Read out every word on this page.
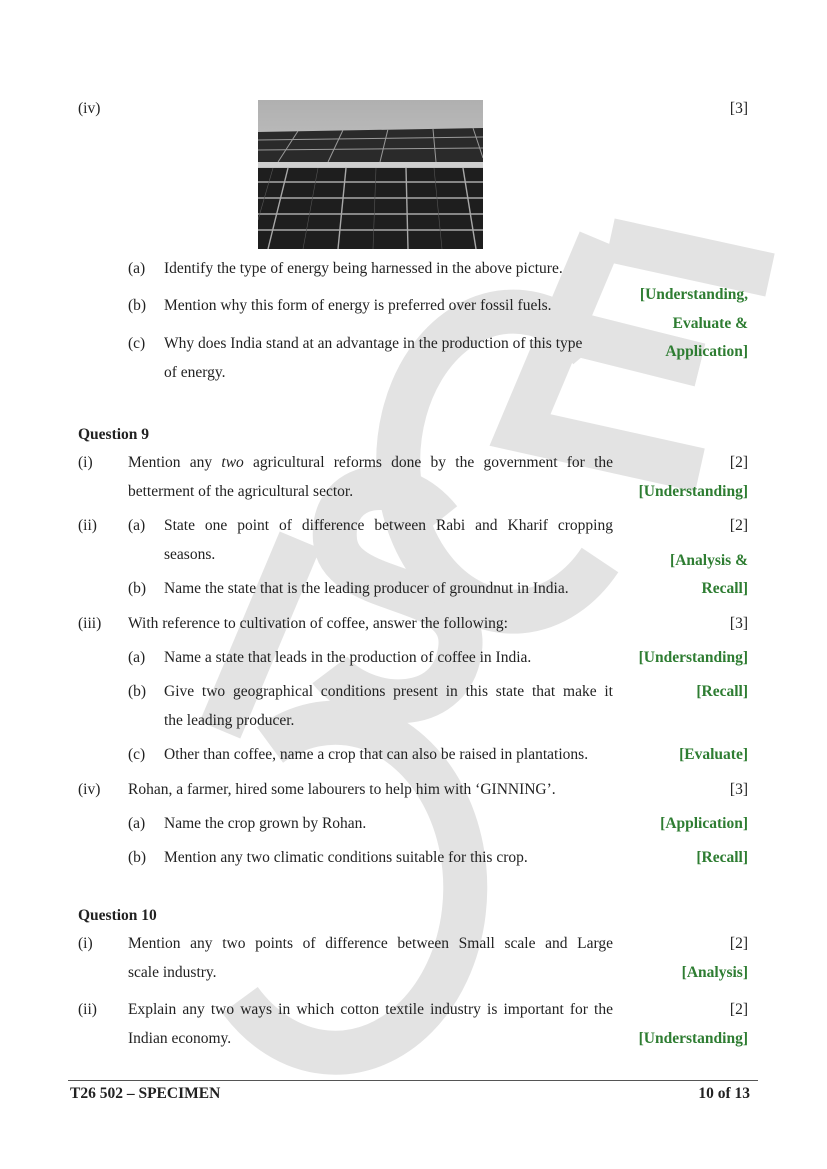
(iv)	[3]
(a) Identify the type of energy being harnessed in the above picture.
(b) Mention why this form of energy is preferred over fossil fuels.
(c) Why does India stand at an advantage in the production of this type
of energy.
[Understanding,
Evaluate &
Application]
Question 9
(i) Mention any two agricultural reforms done by the government for the
betterment of the agricultural sector.
[2]
[Understanding]
(ii) (a) State one point of difference between Rabi and Kharif cropping
seasons.
[2]
[Analysis &
(b) Name the state that is the leading producer of groundnut in India.	Recall]
(iii) With reference to cultivation of coffee, answer the following:	[3]
(a) Name a state that leads in the production of coffee in India.	[Understanding]
(b) Give two geographical conditions present in this state that make it
the leading producer.
[Recall]
(c) Other than coffee, name a crop that can also be raised in plantations.	[Evaluate]
(iv) Rohan, a farmer, hired some labourers to help him with ‘GINNING’.	[3]
(a) Name the crop grown by Rohan.	[Application]
(b) Mention any two climatic conditions suitable for this crop.	[Recall]
Question 10
(i) Mention any two points of difference between Small scale and Large
scale industry.
[2]
[Analysis]
(ii) Explain any two ways in which cotton textile industry is important for the
Indian economy.
[2]
[Understanding]
T26 502 – SPECIMEN	10 of 13
